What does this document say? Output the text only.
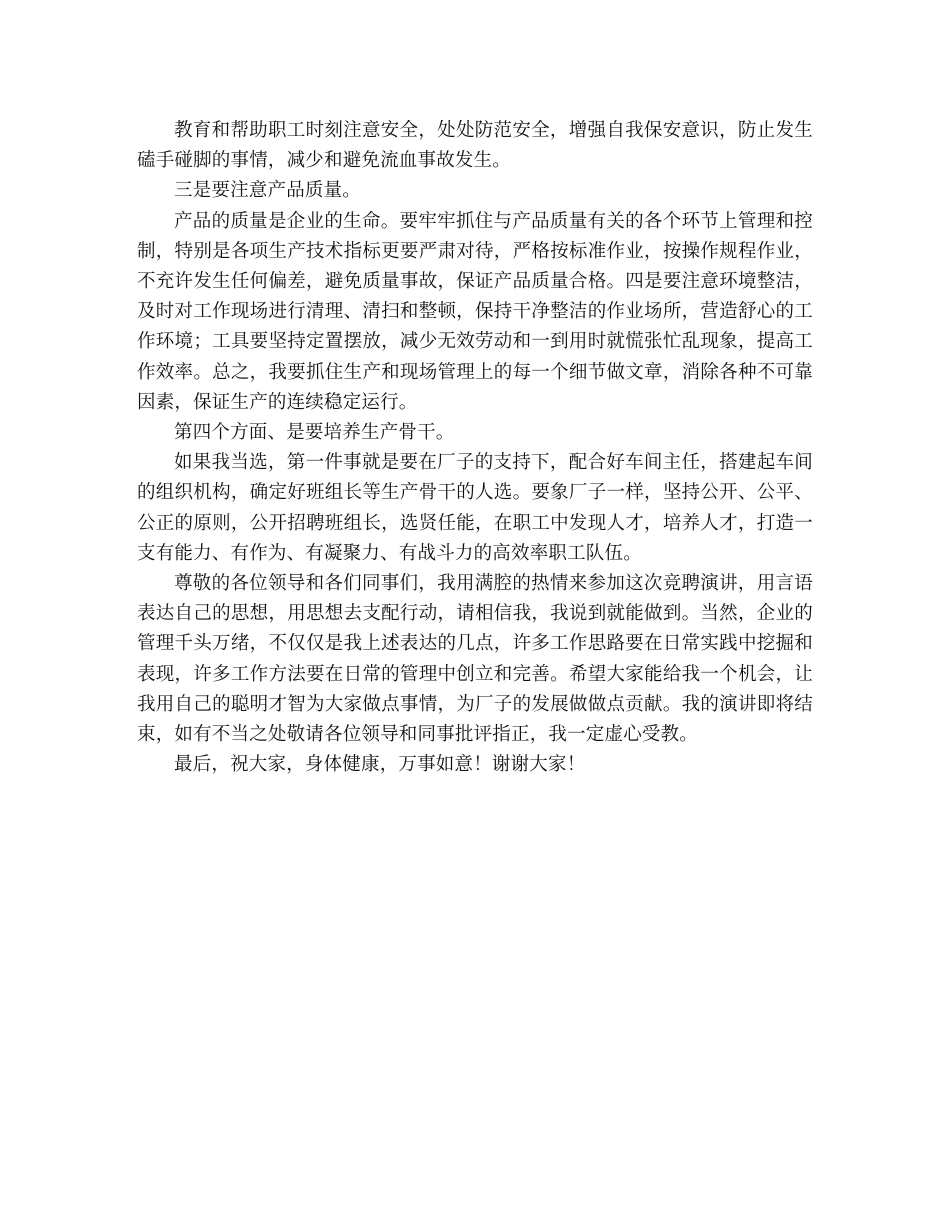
教育和帮助职工时刻注意安全，处处防范安全，增强自我保安意识，防止发生磕手碰脚的事情，减少和避免流血事故发生。

三是要注意产品质量。

产品的质量是企业的生命。要牢牢抓住与产品质量有关的各个环节上管理和控制，特别是各项生产技术指标更要严肃对待，严格按标准作业，按操作规程作业，不充许发生任何偏差，避免质量事故，保证产品质量合格。四是要注意环境整洁，及时对工作现场进行清理、清扫和整顿，保持干净整洁的作业场所，营造舒心的工作环境；工具要坚持定置摆放，减少无效劳动和一到用时就慌张忙乱现象，提高工作效率。总之，我要抓住生产和现场管理上的每一个细节做文章，消除各种不可靠因素，保证生产的连续稳定运行。

第四个方面、是要培养生产骨干。

如果我当选，第一件事就是要在厂子的支持下，配合好车间主任，搭建起车间的组织机构，确定好班组长等生产骨干的人选。要象厂子一样，坚持公开、公平、公正的原则，公开招聘班组长，选贤任能，在职工中发现人才，培养人才，打造一支有能力、有作为、有凝聚力、有战斗力的高效率职工队伍。

尊敬的各位领导和各们同事们，我用满腔的热情来参加这次竞聘演讲，用言语表达自己的思想，用思想去支配行动，请相信我，我说到就能做到。当然，企业的管理千头万绪，不仅仅是我上述表达的几点，许多工作思路要在日常实践中挖掘和表现，许多工作方法要在日常的管理中创立和完善。希望大家能给我一个机会，让我用自己的聪明才智为大家做点事情，为厂子的发展做做点贡献。我的演讲即将结束，如有不当之处敬请各位领导和同事批评指正，我一定虚心受教。

最后，祝大家，身体健康，万事如意！谢谢大家！
